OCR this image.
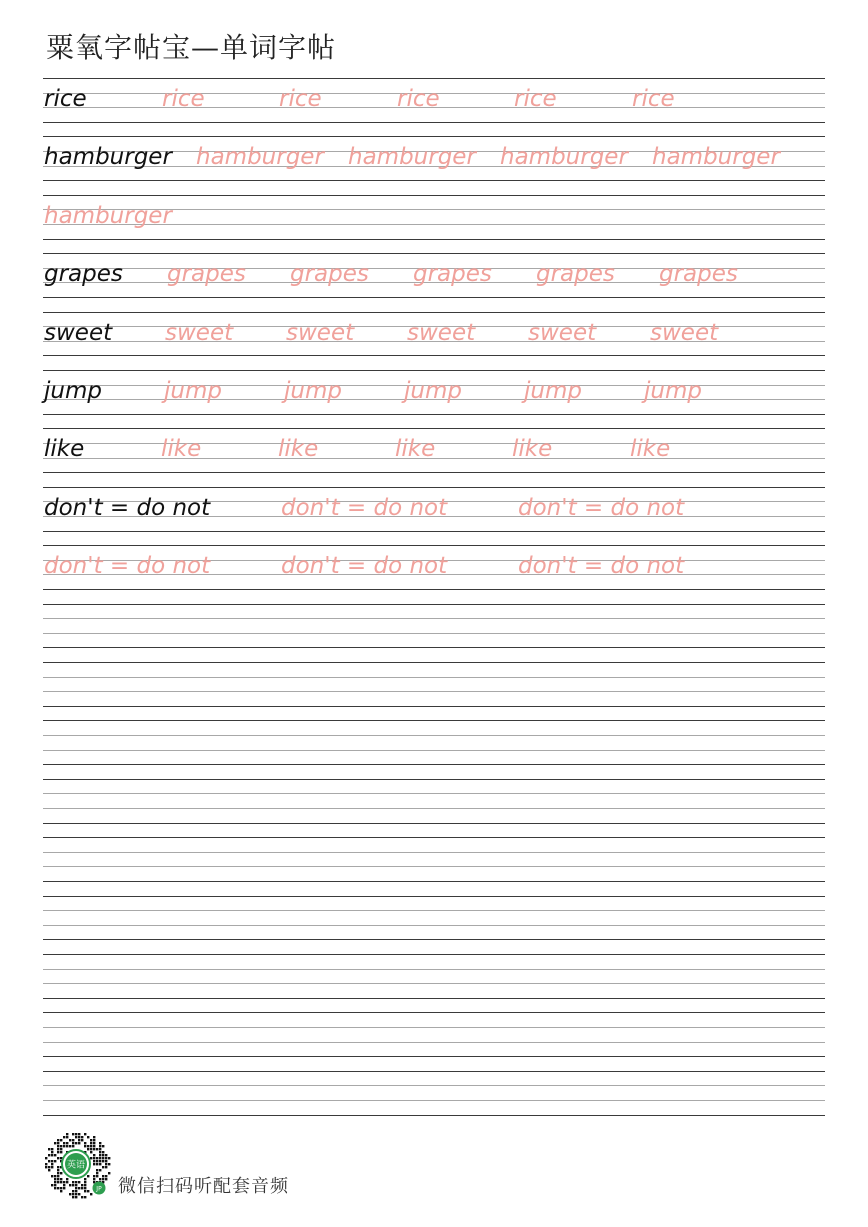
粟氧字帖宝—单词字帖
rice	rice	rice	rice	rice	rice
hamburger hamburger hamburger hamburger hamburger
hamburger
grapes grapes grapes grapes grapes grapes
sweet sweet sweet sweet sweet sweet
jump	jump	jump	jump	jump	jump
like	like	like	like	like	like
don't = do not	don't = do not	don't = do not
don't = do not	don't = do not	don't = do not
英语
JP 微信扫码听配套音频
